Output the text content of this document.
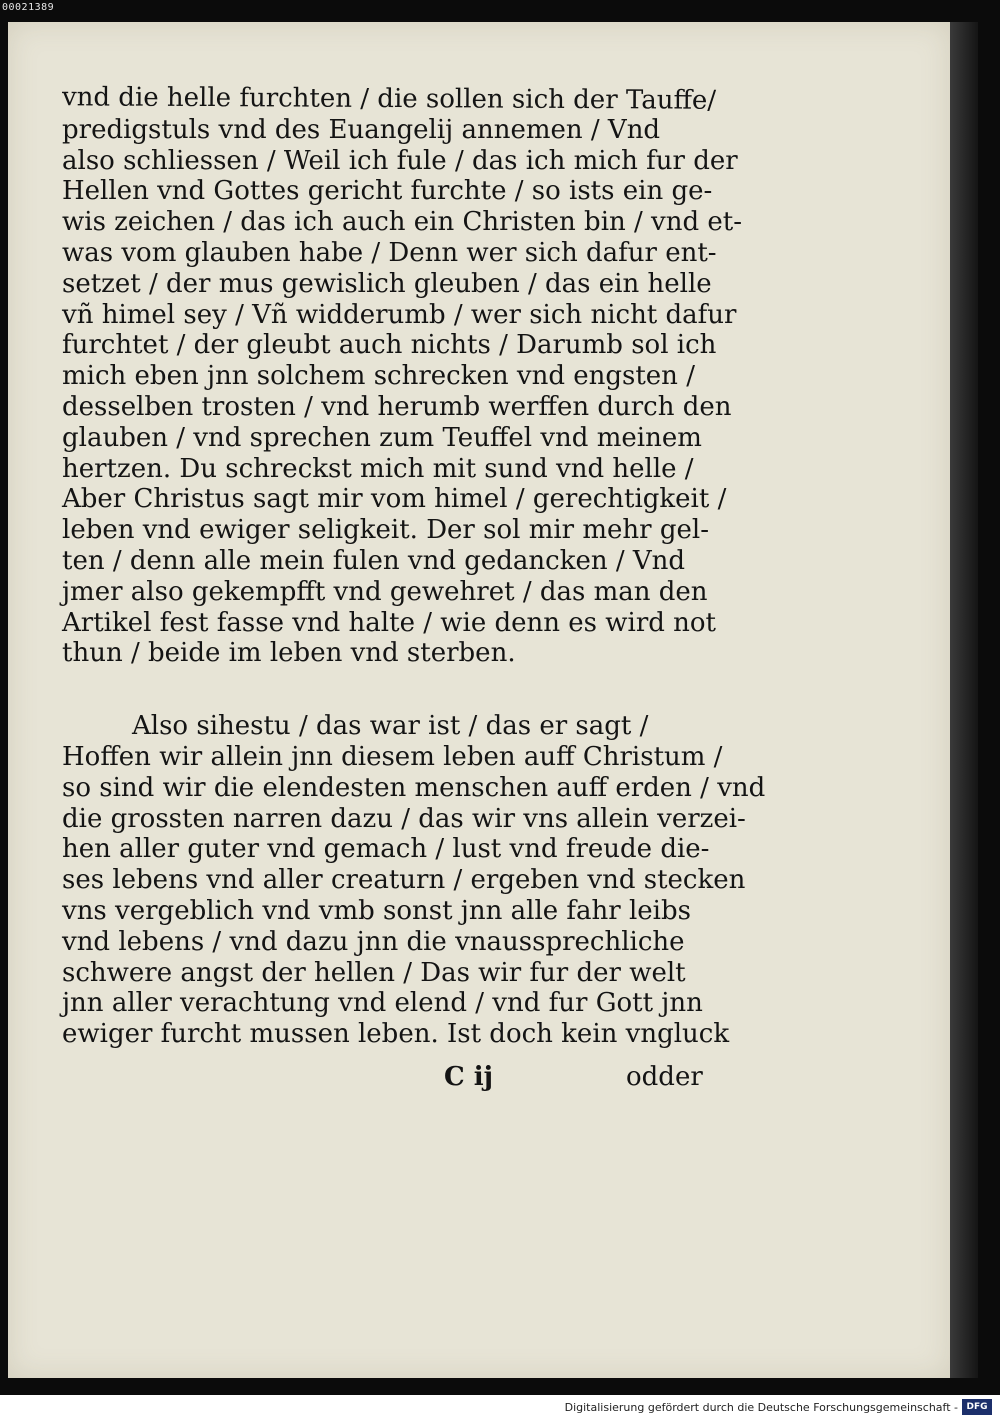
00021389
vnd die helle furchten / die sollen sich der Tauffe/
predigstuls vnd des Euangelij annemen / Vnd
also schliessen / Weil ich fule / das ich mich fur der
Hellen vnd Gottes gericht furchte / so ists ein ge-
wis zeichen / das ich auch ein Christen bin / vnd et-
was vom glauben habe / Denn wer sich dafur ent-
setzet / der mus gewislich gleuben / das ein helle
vñ himel sey / Vñ widderumb / wer sich nicht dafur
furchtet / der gleubt auch nichts / Darumb sol ich
mich eben jnn solchem schrecken vnd engsten /
desselben trosten / vnd herumb werffen durch den
glauben / vnd sprechen zum Teuffel vnd meinem
hertzen. Du schreckst mich mit sund vnd helle /
Aber Christus sagt mir vom himel / gerechtigkeit /
leben vnd ewiger seligkeit. Der sol mir mehr gel-
ten / denn alle mein fulen vnd gedancken / Vnd
jmer also gekempfft vnd gewehret / das man den
Artikel fest fasse vnd halte / wie denn es wird not
thun / beide im leben vnd sterben.
Also sihestu / das war ist / das er sagt /
Hoffen wir allein jnn diesem leben auff Christum /
so sind wir die elendesten menschen auff erden / vnd
die grossten narren dazu / das wir vns allein verzei-
hen aller guter vnd gemach / lust vnd freude die-
ses lebens vnd aller creaturn / ergeben vnd stecken
vns vergeblich vnd vmb sonst jnn alle fahr leibs
vnd lebens / vnd dazu jnn die vnaussprechliche
schwere angst der hellen / Das wir fur der welt
jnn aller verachtung vnd elend / vnd fur Gott jnn
ewiger furcht mussen leben. Ist doch kein vngluck
C ij	odder
Digitalisierung gefördert durch die Deutsche Forschungsgemeinschaft - DFG
